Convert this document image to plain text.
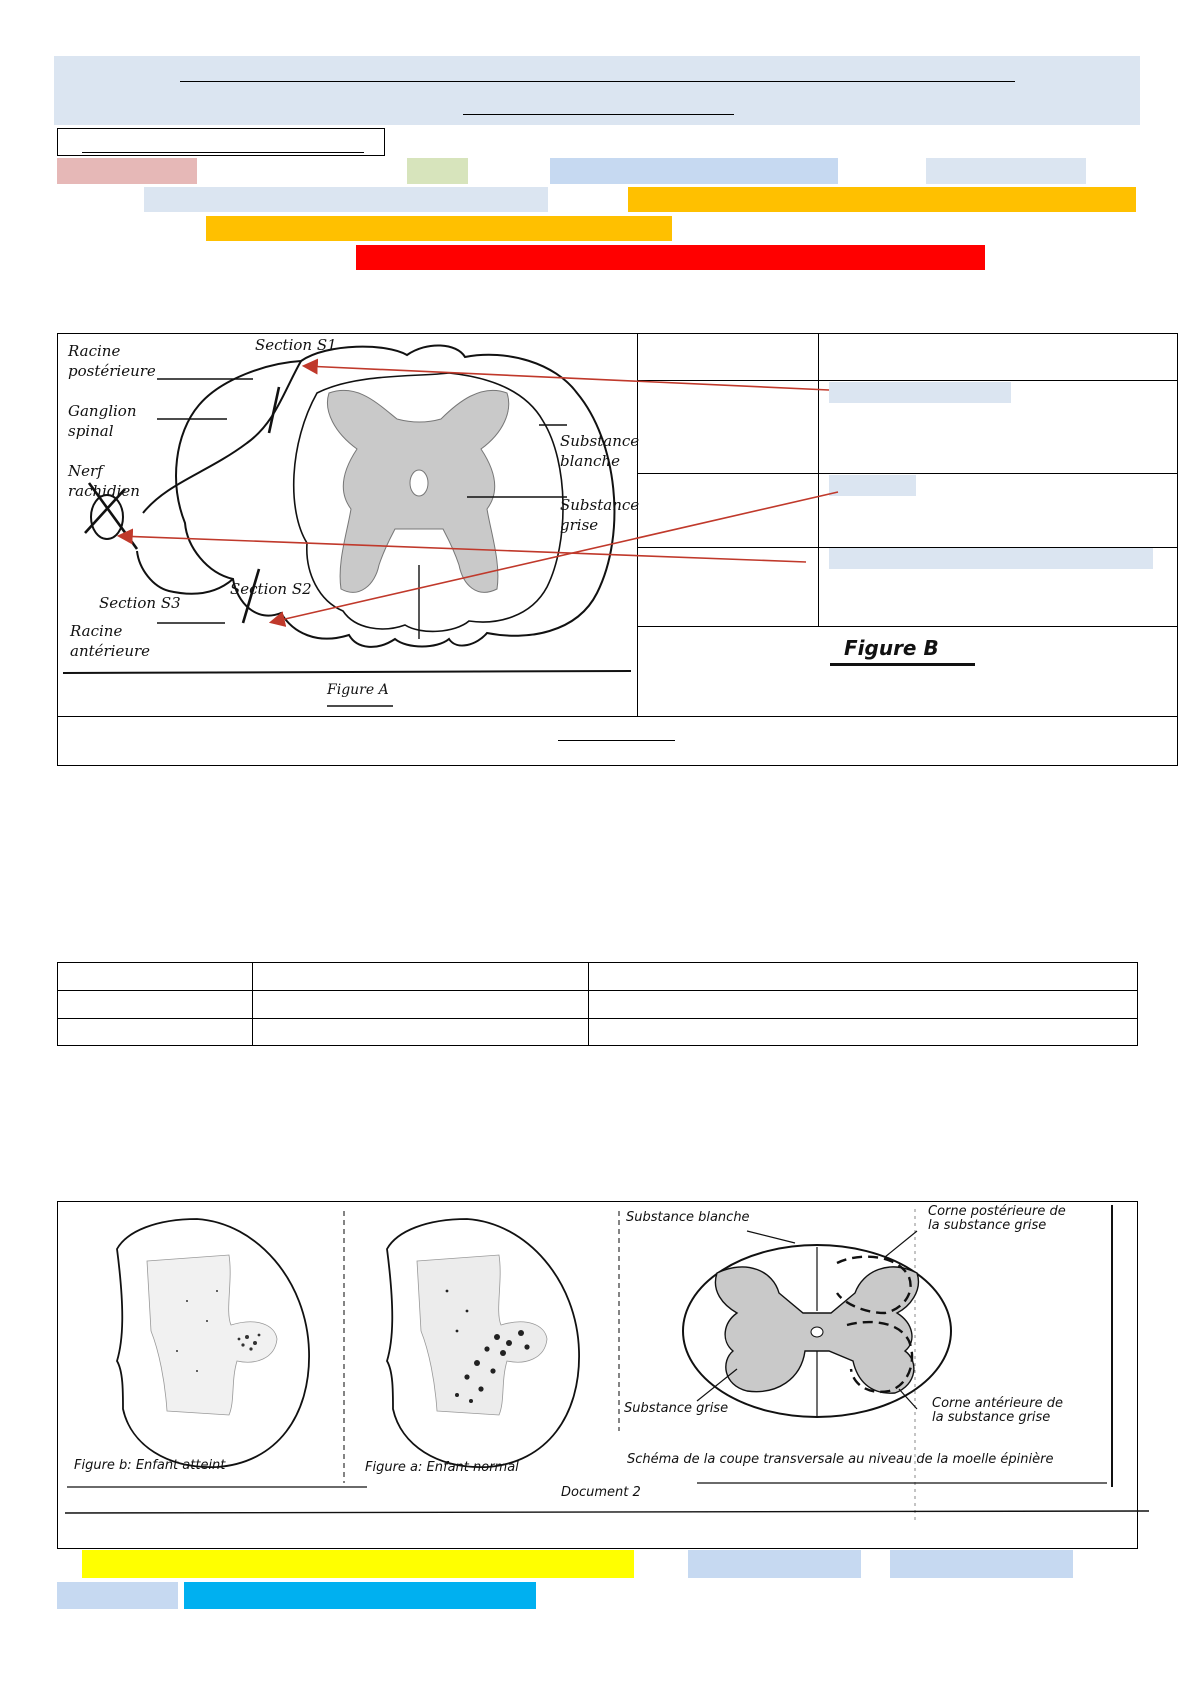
Figure B
Racine
postérieure
Ganglion
spinal
Nerf
rachidien
Section S1
Section S2
Section S3
Racine
antérieure
Substance
blanche
Substance
grise
Figure A
Substance blanche	Corne postérieure de
la substance grise
Substance grise	Corne antérieure de
la substance grise
Figure b: Enfant atteint	Figure a: Enfant normal
Schéma de la coupe transversale au niveau de la moelle épinière
Document 2
